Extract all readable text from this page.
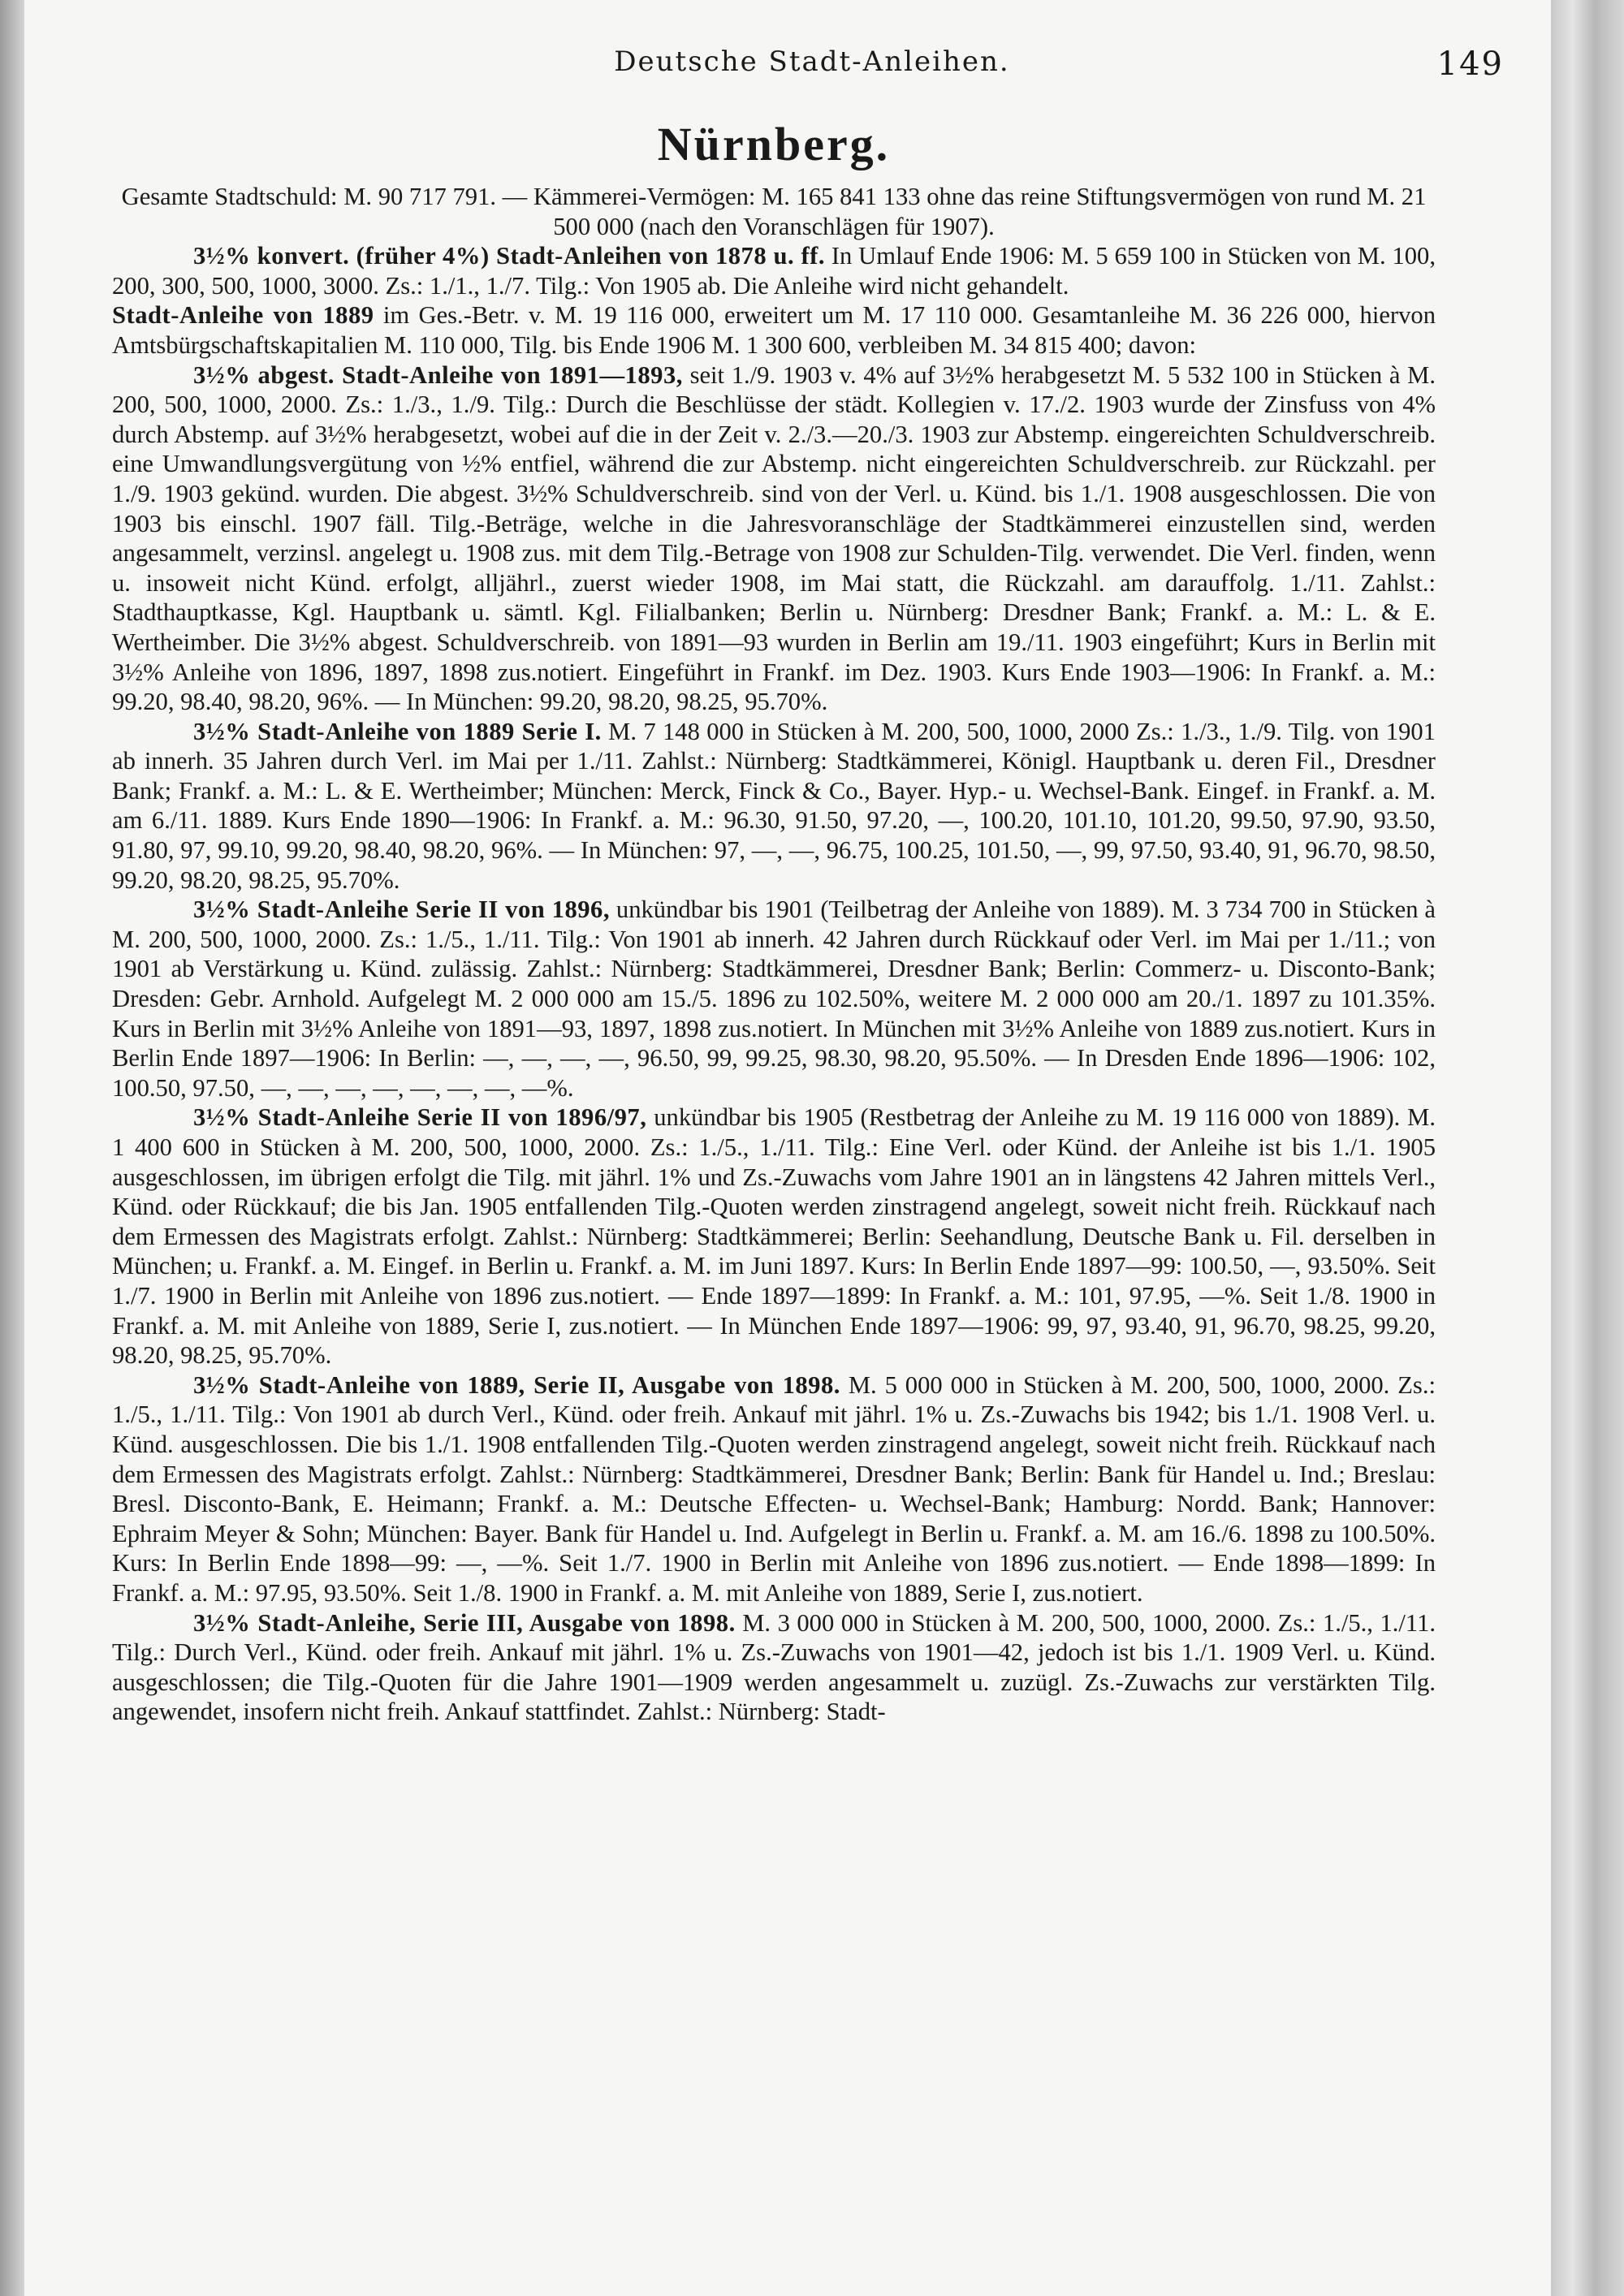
Deutsche Stadt-Anleihen.	149
Nürnberg.

Gesamte Stadtschuld: M. 90 717 791. — Kämmerei-Vermögen: M. 165 841 133 ohne das reine Stiftungsvermögen von rund M. 21 500 000 (nach den Voranschlägen für 1907).

3½% konvert. (früher 4%) Stadt-Anleihen von 1878 u. ff. In Umlauf Ende 1906: M. 5 659 100 in Stücken von M. 100, 200, 300, 500, 1000, 3000. Zs.: 1./1., 1./7. Tilg.: Von 1905 ab. Die Anleihe wird nicht gehandelt.

Stadt-Anleihe von 1889 im Ges.-Betr. v. M. 19 116 000, erweitert um M. 17 110 000. Gesamtanleihe M. 36 226 000, hiervon Amtsbürgschaftskapitalien M. 110 000, Tilg. bis Ende 1906 M. 1 300 600, verbleiben M. 34 815 400; davon:

3½% abgest. Stadt-Anleihe von 1891—1893, seit 1./9. 1903 v. 4% auf 3½% herabgesetzt M. 5 532 100 in Stücken à M. 200, 500, 1000, 2000. Zs.: 1./3., 1./9. Tilg.: Durch die Beschlüsse der städt. Kollegien v. 17./2. 1903 wurde der Zinsfuss von 4% durch Abstemp. auf 3½% herabgesetzt, wobei auf die in der Zeit v. 2./3.—20./3. 1903 zur Abstemp. eingereichten Schuldverschreib. eine Umwandlungsvergütung von ½% entfiel, während die zur Abstemp. nicht eingereichten Schuldverschreib. zur Rückzahl. per 1./9. 1903 gekünd. wurden. Die abgest. 3½% Schuldverschreib. sind von der Verl. u. Künd. bis 1./1. 1908 ausgeschlossen. Die von 1903 bis einschl. 1907 fäll. Tilg.-Beträge, welche in die Jahresvoranschläge der Stadtkämmerei einzustellen sind, werden angesammelt, verzinsl. angelegt u. 1908 zus. mit dem Tilg.-Betrage von 1908 zur Schulden-Tilg. verwendet. Die Verl. finden, wenn u. insoweit nicht Künd. erfolgt, alljährl., zuerst wieder 1908, im Mai statt, die Rückzahl. am darauffolg. 1./11. Zahlst.: Stadthauptkasse, Kgl. Hauptbank u. sämtl. Kgl. Filialbanken; Berlin u. Nürnberg: Dresdner Bank; Frankf. a. M.: L. & E. Wertheimber. Die 3½% abgest. Schuldverschreib. von 1891—93 wurden in Berlin am 19./11. 1903 eingeführt; Kurs in Berlin mit 3½% Anleihe von 1896, 1897, 1898 zus.notiert. Eingeführt in Frankf. im Dez. 1903. Kurs Ende 1903—1906: In Frankf. a. M.: 99.20, 98.40, 98.20, 96%. — In München: 99.20, 98.20, 98.25, 95.70%.

3½% Stadt-Anleihe von 1889 Serie I. M. 7 148 000 in Stücken à M. 200, 500, 1000, 2000 Zs.: 1./3., 1./9. Tilg. von 1901 ab innerh. 35 Jahren durch Verl. im Mai per 1./11. Zahlst.: Nürnberg: Stadtkämmerei, Königl. Hauptbank u. deren Fil., Dresdner Bank; Frankf. a. M.: L. & E. Wertheimber; München: Merck, Finck & Co., Bayer. Hyp.- u. Wechsel-Bank. Eingef. in Frankf. a. M. am 6./11. 1889. Kurs Ende 1890—1906: In Frankf. a. M.: 96.30, 91.50, 97.20, —, 100.20, 101.10, 101.20, 99.50, 97.90, 93.50, 91.80, 97, 99.10, 99.20, 98.40, 98.20, 96%. — In München: 97, —, —, 96.75, 100.25, 101.50, —, 99, 97.50, 93.40, 91, 96.70, 98.50, 99.20, 98.20, 98.25, 95.70%.

3½% Stadt-Anleihe Serie II von 1896, unkündbar bis 1901 (Teilbetrag der Anleihe von 1889). M. 3 734 700 in Stücken à M. 200, 500, 1000, 2000. Zs.: 1./5., 1./11. Tilg.: Von 1901 ab innerh. 42 Jahren durch Rückkauf oder Verl. im Mai per 1./11.; von 1901 ab Verstärkung u. Künd. zulässig. Zahlst.: Nürnberg: Stadtkämmerei, Dresdner Bank; Berlin: Commerz- u. Disconto-Bank; Dresden: Gebr. Arnhold. Aufgelegt M. 2 000 000 am 15./5. 1896 zu 102.50%, weitere M. 2 000 000 am 20./1. 1897 zu 101.35%. Kurs in Berlin mit 3½% Anleihe von 1891—93, 1897, 1898 zus.notiert. In München mit 3½% Anleihe von 1889 zus.notiert. Kurs in Berlin Ende 1897—1906: In Berlin: —, —, —, —, 96.50, 99, 99.25, 98.30, 98.20, 95.50%. — In Dresden Ende 1896—1906: 102, 100.50, 97.50, —, —, —, —, —, —, —, —%.

3½% Stadt-Anleihe Serie II von 1896/97, unkündbar bis 1905 (Restbetrag der Anleihe zu M. 19 116 000 von 1889). M. 1 400 600 in Stücken à M. 200, 500, 1000, 2000. Zs.: 1./5., 1./11. Tilg.: Eine Verl. oder Künd. der Anleihe ist bis 1./1. 1905 ausgeschlossen, im übrigen erfolgt die Tilg. mit jährl. 1% und Zs.-Zuwachs vom Jahre 1901 an in längstens 42 Jahren mittels Verl., Künd. oder Rückkauf; die bis Jan. 1905 entfallenden Tilg.-Quoten werden zinstragend angelegt, soweit nicht freih. Rückkauf nach dem Ermessen des Magistrats erfolgt. Zahlst.: Nürnberg: Stadtkämmerei; Berlin: Seehandlung, Deutsche Bank u. Fil. derselben in München; u. Frankf. a. M. Eingef. in Berlin u. Frankf. a. M. im Juni 1897. Kurs: In Berlin Ende 1897—99: 100.50, —, 93.50%. Seit 1./7. 1900 in Berlin mit Anleihe von 1896 zus.notiert. — Ende 1897—1899: In Frankf. a. M.: 101, 97.95, —%. Seit 1./8. 1900 in Frankf. a. M. mit Anleihe von 1889, Serie I, zus.notiert. — In München Ende 1897—1906: 99, 97, 93.40, 91, 96.70, 98.25, 99.20, 98.20, 98.25, 95.70%.

3½% Stadt-Anleihe von 1889, Serie II, Ausgabe von 1898. M. 5 000 000 in Stücken à M. 200, 500, 1000, 2000. Zs.: 1./5., 1./11. Tilg.: Von 1901 ab durch Verl., Künd. oder freih. Ankauf mit jährl. 1% u. Zs.-Zuwachs bis 1942; bis 1./1. 1908 Verl. u. Künd. ausgeschlossen. Die bis 1./1. 1908 entfallenden Tilg.-Quoten werden zinstragend angelegt, soweit nicht freih. Rückkauf nach dem Ermessen des Magistrats erfolgt. Zahlst.: Nürnberg: Stadtkämmerei, Dresdner Bank; Berlin: Bank für Handel u. Ind.; Breslau: Bresl. Disconto-Bank, E. Heimann; Frankf. a. M.: Deutsche Effecten- u. Wechsel-Bank; Hamburg: Nordd. Bank; Hannover: Ephraim Meyer & Sohn; München: Bayer. Bank für Handel u. Ind. Aufgelegt in Berlin u. Frankf. a. M. am 16./6. 1898 zu 100.50%. Kurs: In Berlin Ende 1898—99: —, —%. Seit 1./7. 1900 in Berlin mit Anleihe von 1896 zus.notiert. — Ende 1898—1899: In Frankf. a. M.: 97.95, 93.50%. Seit 1./8. 1900 in Frankf. a. M. mit Anleihe von 1889, Serie I, zus.notiert.

3½% Stadt-Anleihe, Serie III, Ausgabe von 1898. M. 3 000 000 in Stücken à M. 200, 500, 1000, 2000. Zs.: 1./5., 1./11. Tilg.: Durch Verl., Künd. oder freih. Ankauf mit jährl. 1% u. Zs.-Zuwachs von 1901—42, jedoch ist bis 1./1. 1909 Verl. u. Künd. ausgeschlossen; die Tilg.-Quoten für die Jahre 1901—1909 werden angesammelt u. zuzügl. Zs.-Zuwachs zur verstärkten Tilg. angewendet, insofern nicht freih. Ankauf stattfindet. Zahlst.: Nürnberg: Stadt-
